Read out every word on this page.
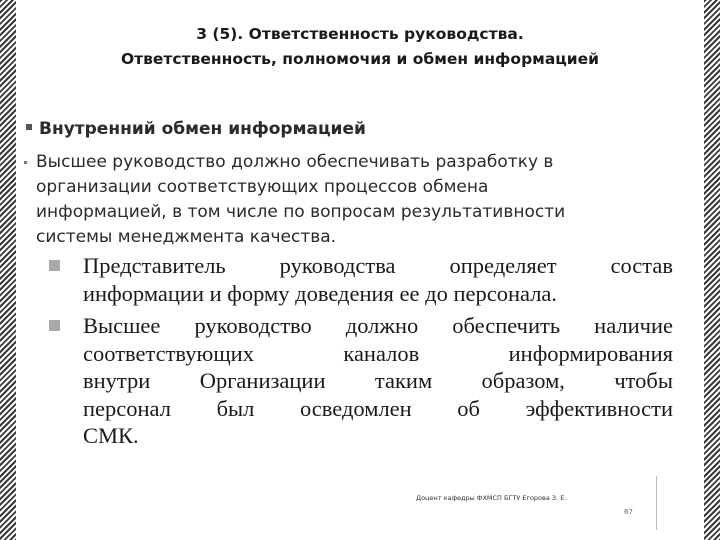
3 (5). Ответственность руководства.
Ответственность, полномочия и обмен информацией
Внутренний обмен информацией
Высшее руководство должно обеспечивать разработку в
организации соответствующих процессов обмена
информацией, в том числе по вопросам результативности
системы менеджмента качества.
Представитель руководства определяет состав
информации и форму доведения ее до персонала.
Высшее руководство должно обеспечить наличие
соответствующих каналов информирования
внутри Организации таким образом, чтобы
персонал был осведомлен об эффективности
СМК.
Доцент кафедры ФХМСП БГТУ Егорова З. Е.
67
